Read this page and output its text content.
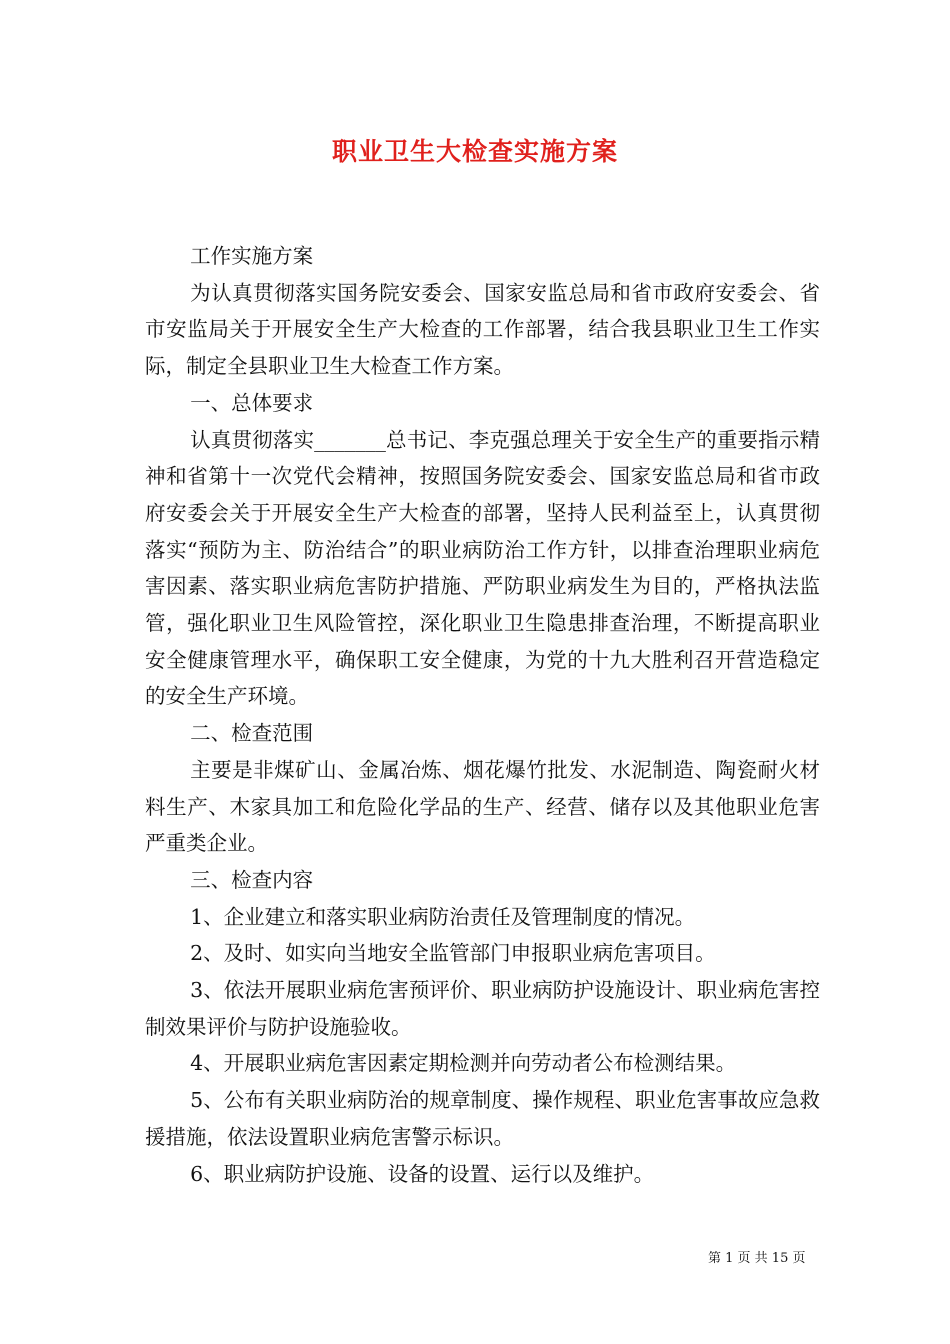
职业卫生大检查实施方案

工作实施方案

为认真贯彻落实国务院安委会、国家安监总局和省市政府安委会、省市安监局关于开展安全生产大检查的工作部署，结合我县职业卫生工作实际，制定全县职业卫生大检查工作方案。

一、总体要求

认真贯彻落实_______总书记、李克强总理关于安全生产的重要指示精神和省第十一次党代会精神，按照国务院安委会、国家安监总局和省市政府安委会关于开展安全生产大检查的部署，坚持人民利益至上，认真贯彻落实“预防为主、防治结合”的职业病防治工作方针，以排查治理职业病危害因素、落实职业病危害防护措施、严防职业病发生为目的，严格执法监管，强化职业卫生风险管控，深化职业卫生隐患排查治理，不断提高职业安全健康管理水平，确保职工安全健康，为党的十九大胜利召开营造稳定的安全生产环境。

二、检查范围

主要是非煤矿山、金属冶炼、烟花爆竹批发、水泥制造、陶瓷耐火材料生产、木家具加工和危险化学品的生产、经营、储存以及其他职业危害严重类企业。

三、检查内容

1、企业建立和落实职业病防治责任及管理制度的情况。

2、及时、如实向当地安全监管部门申报职业病危害项目。

3、依法开展职业病危害预评价、职业病防护设施设计、职业病危害控制效果评价与防护设施验收。

4、开展职业病危害因素定期检测并向劳动者公布检测结果。

5、公布有关职业病防治的规章制度、操作规程、职业危害事故应急救援措施，依法设置职业病危害警示标识。

6、职业病防护设施、设备的设置、运行以及维护。

第 1 页 共 15 页
